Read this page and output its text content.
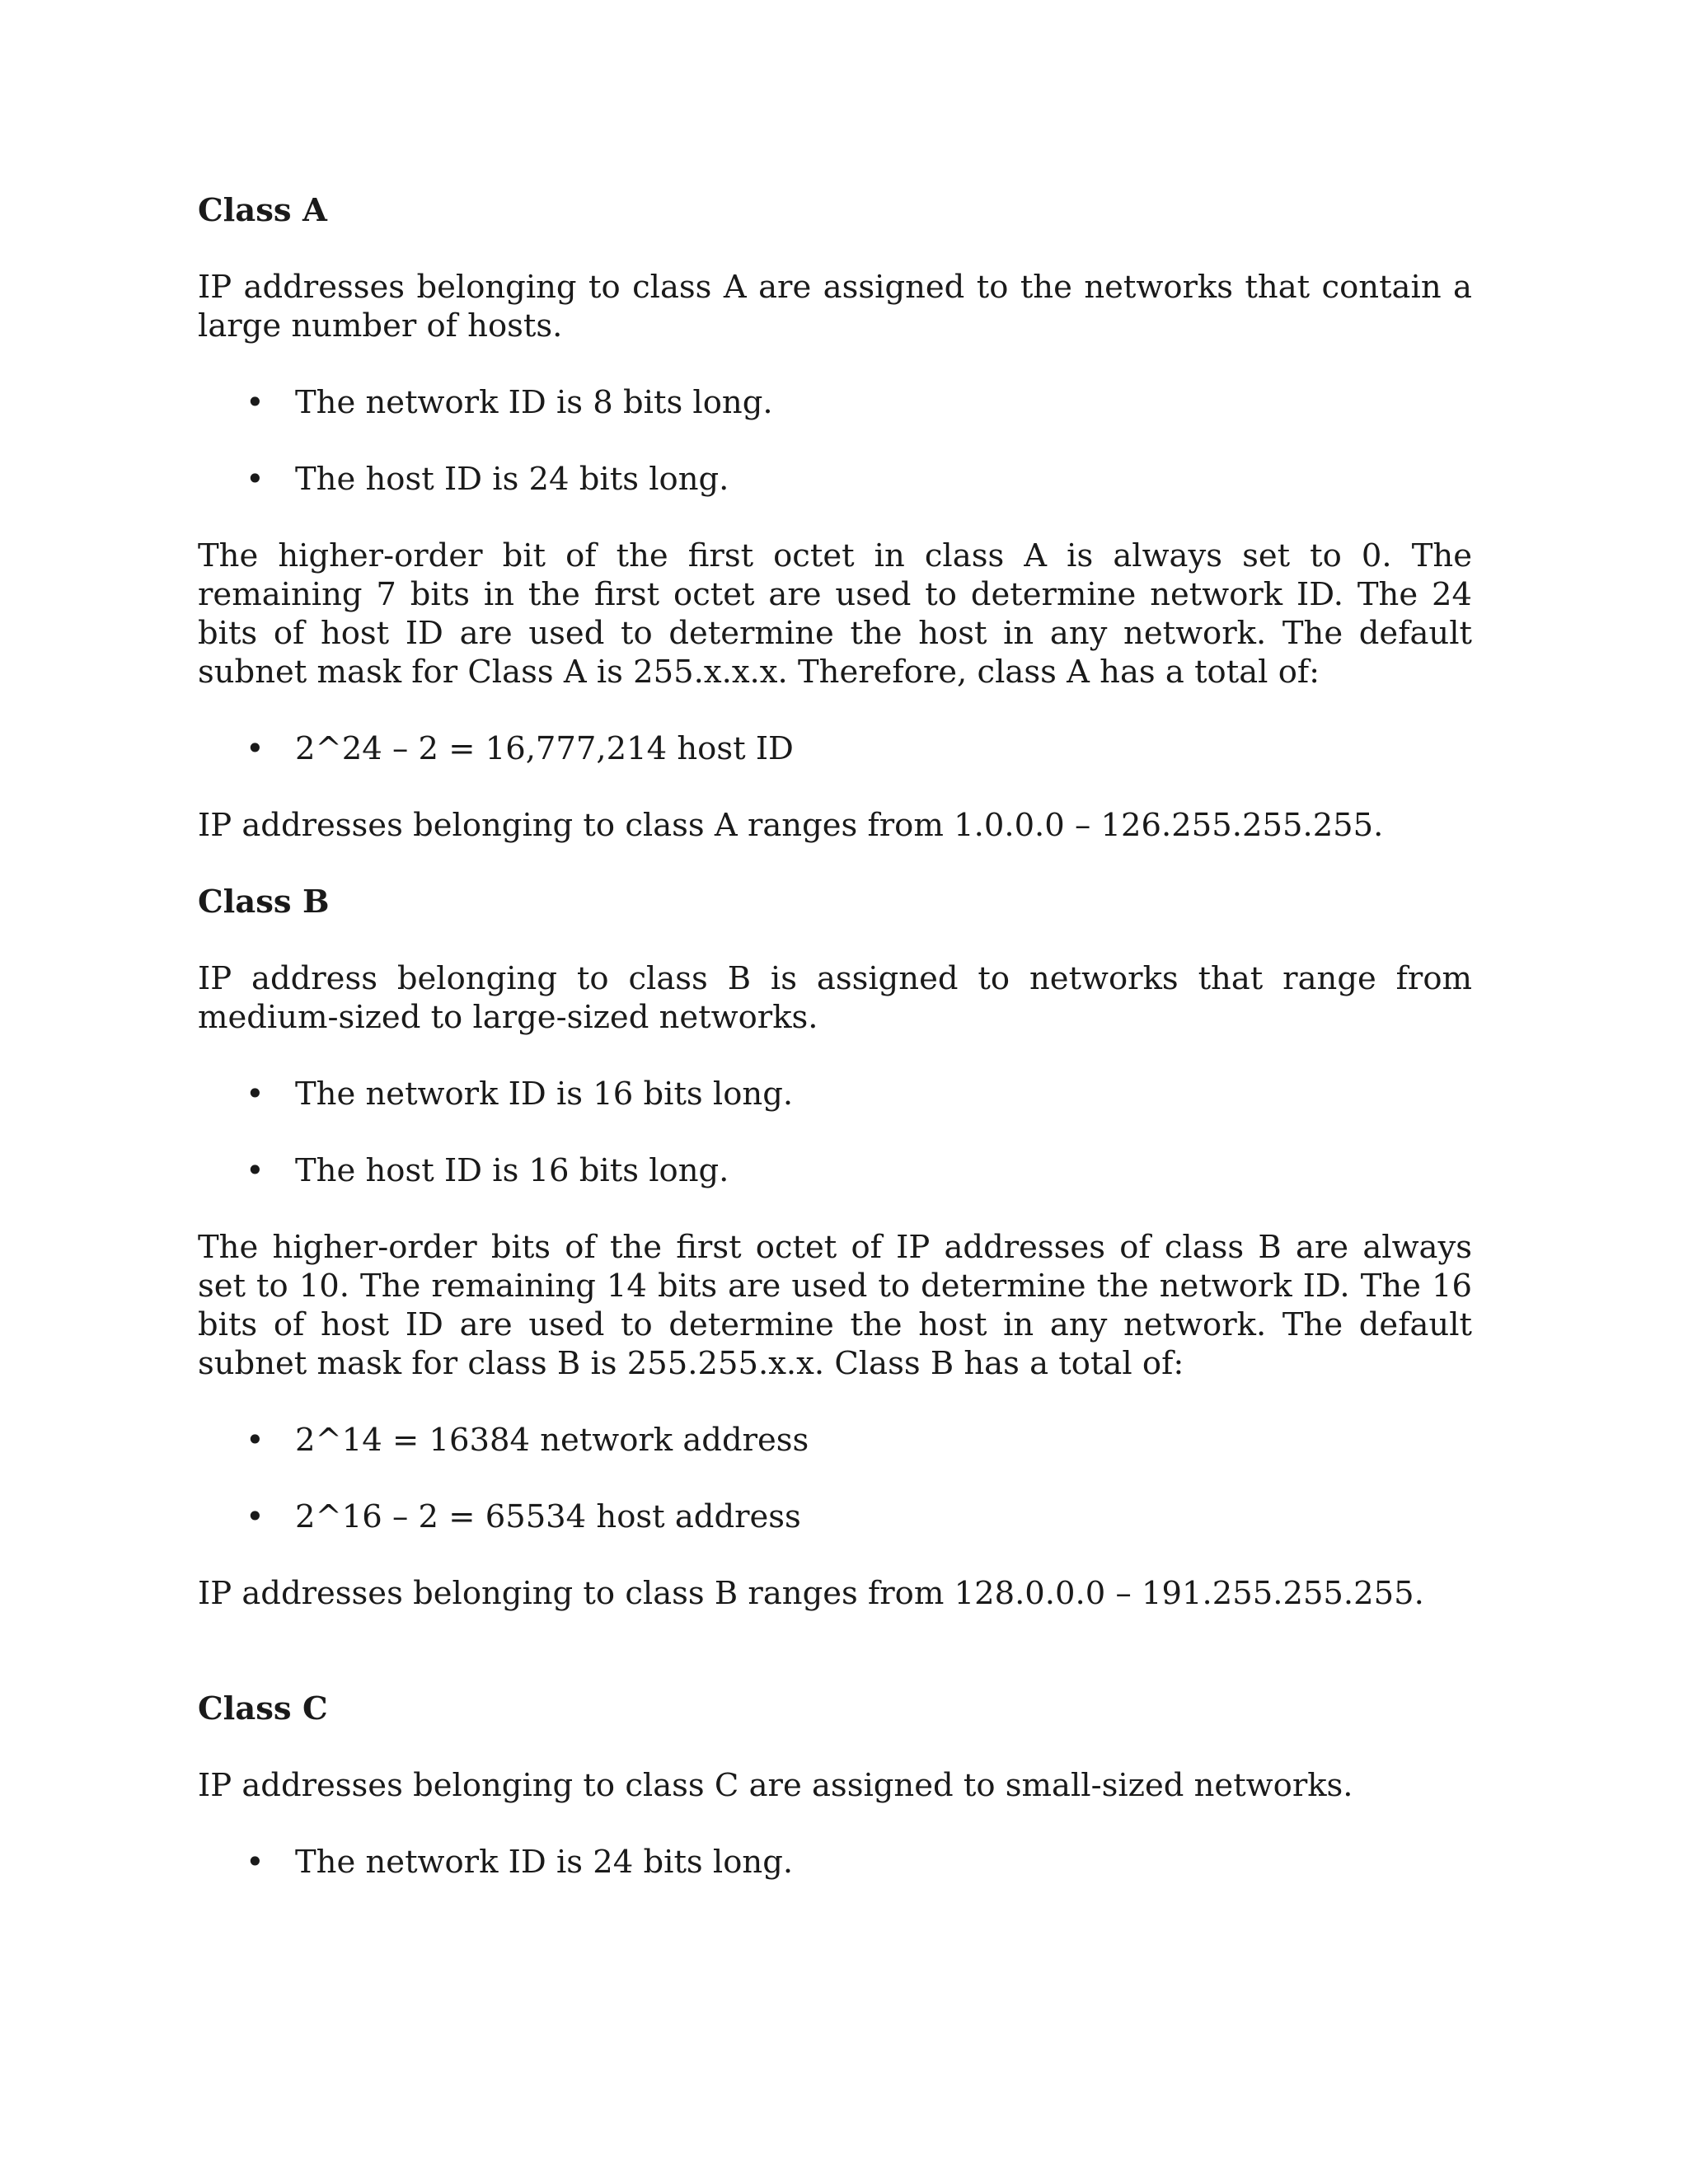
Class A

IP addresses belonging to class A are assigned to the networks that contain a large number of hosts.

• The network ID is 8 bits long.
• The host ID is 24 bits long.

The higher-order bit of the first octet in class A is always set to 0. The remaining 7 bits in the first octet are used to determine network ID. The 24 bits of host ID are used to determine the host in any network. The default subnet mask for Class A is 255.x.x.x. Therefore, class A has a total of:

• 2^24 – 2 = 16,777,214 host ID

IP addresses belonging to class A ranges from 1.0.0.0 – 126.255.255.255.

Class B

IP address belonging to class B is assigned to networks that range from medium-sized to large-sized networks.

• The network ID is 16 bits long.
• The host ID is 16 bits long.

The higher-order bits of the first octet of IP addresses of class B are always set to 10. The remaining 14 bits are used to determine the network ID. The 16 bits of host ID are used to determine the host in any network. The default subnet mask for class B is 255.255.x.x. Class B has a total of:

• 2^14 = 16384 network address
• 2^16 – 2 = 65534 host address

IP addresses belonging to class B ranges from 128.0.0.0 – 191.255.255.255.

Class C

IP addresses belonging to class C are assigned to small-sized networks.

• The network ID is 24 bits long.
